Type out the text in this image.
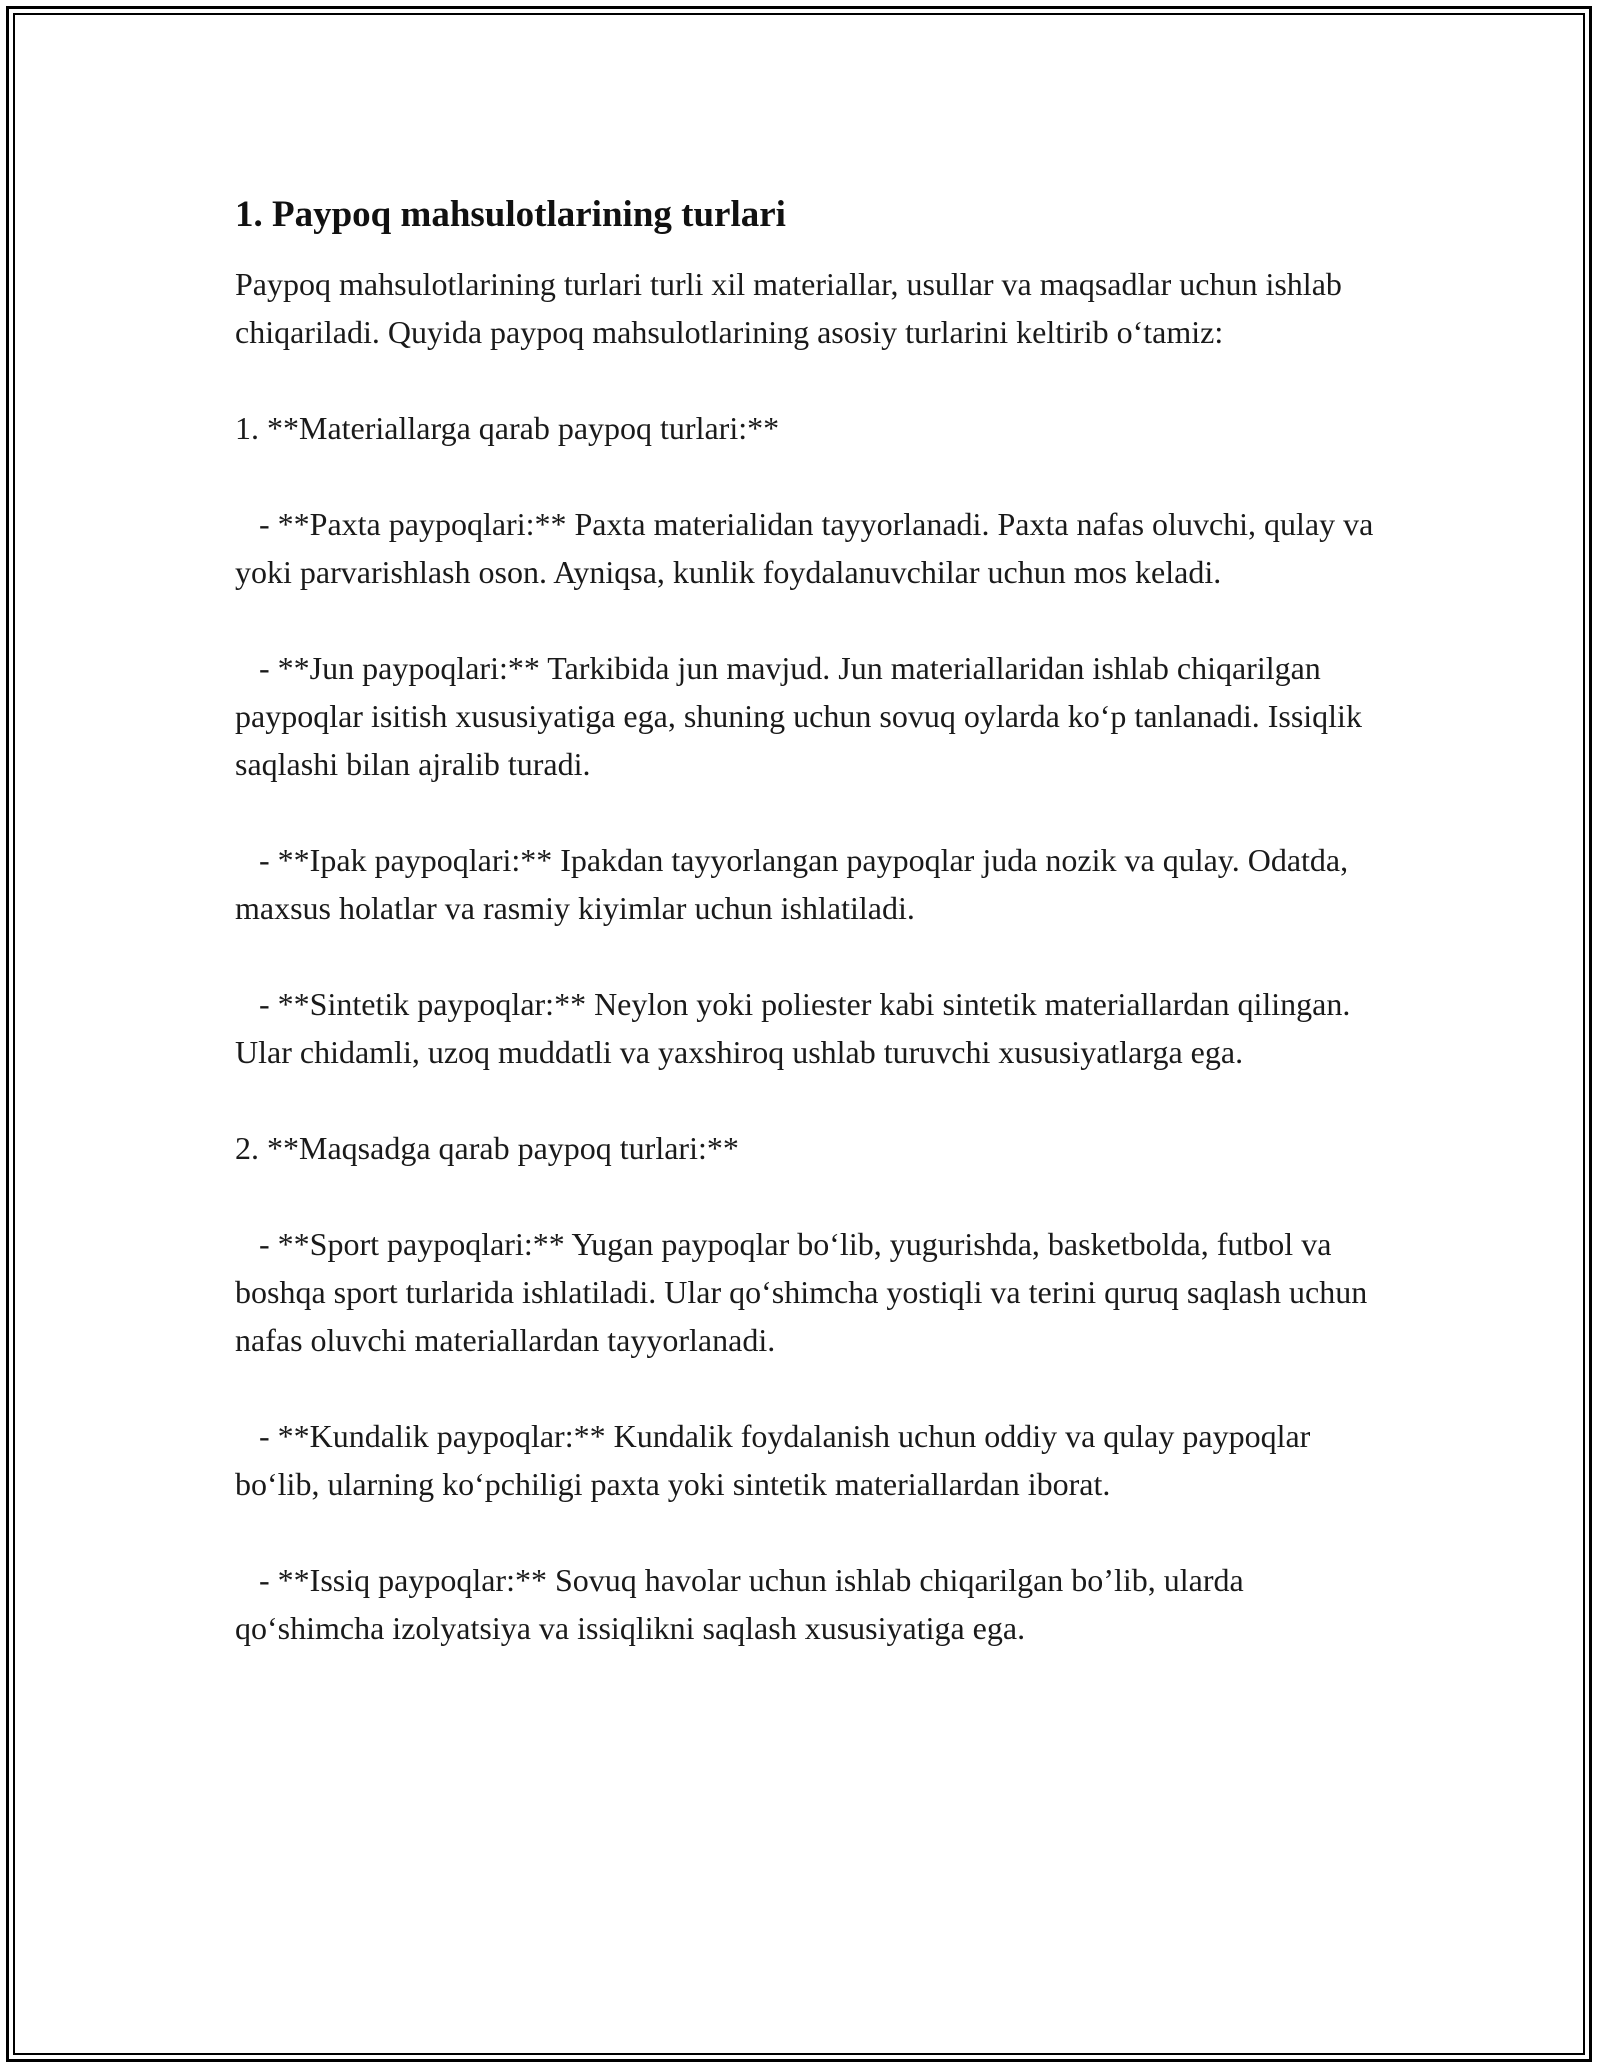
1. Paypoq mahsulotlarining turlari

Paypoq mahsulotlarining turlari turli xil materiallar, usullar va maqsadlar uchun ishlab chiqariladi. Quyida paypoq mahsulotlarining asosiy turlarini keltirib o‘tamiz:

1. **Materiallarga qarab paypoq turlari:**

- **Paxta paypoqlari:** Paxta materialidan tayyorlanadi. Paxta nafas oluvchi, qulay va yoki parvarishlash oson. Ayniqsa, kunlik foydalanuvchilar uchun mos keladi.

- **Jun paypoqlari:** Tarkibida jun mavjud. Jun materiallaridan ishlab chiqarilgan paypoqlar isitish xususiyatiga ega, shuning uchun sovuq oylarda ko‘p tanlanadi. Issiqlik saqlashi bilan ajralib turadi.

- **Ipak paypoqlari:** Ipakdan tayyorlangan paypoqlar juda nozik va qulay. Odatda, maxsus holatlar va rasmiy kiyimlar uchun ishlatiladi.

- **Sintetik paypoqlar:** Neylon yoki poliester kabi sintetik materiallardan qilingan. Ular chidamli, uzoq muddatli va yaxshiroq ushlab turuvchi xususiyatlarga ega.

2. **Maqsadga qarab paypoq turlari:**

- **Sport paypoqlari:** Yugan paypoqlar bo‘lib, yugurishda, basketbolda, futbol va boshqa sport turlarida ishlatiladi. Ular qo‘shimcha yostiqli va terini quruq saqlash uchun nafas oluvchi materiallardan tayyorlanadi.

- **Kundalik paypoqlar:** Kundalik foydalanish uchun oddiy va qulay paypoqlar bo‘lib, ularning ko‘pchiligi paxta yoki sintetik materiallardan iborat.

- **Issiq paypoqlar:** Sovuq havolar uchun ishlab chiqarilgan bo’lib, ularda qo‘shimcha izolyatsiya va issiqlikni saqlash xususiyatiga ega.
